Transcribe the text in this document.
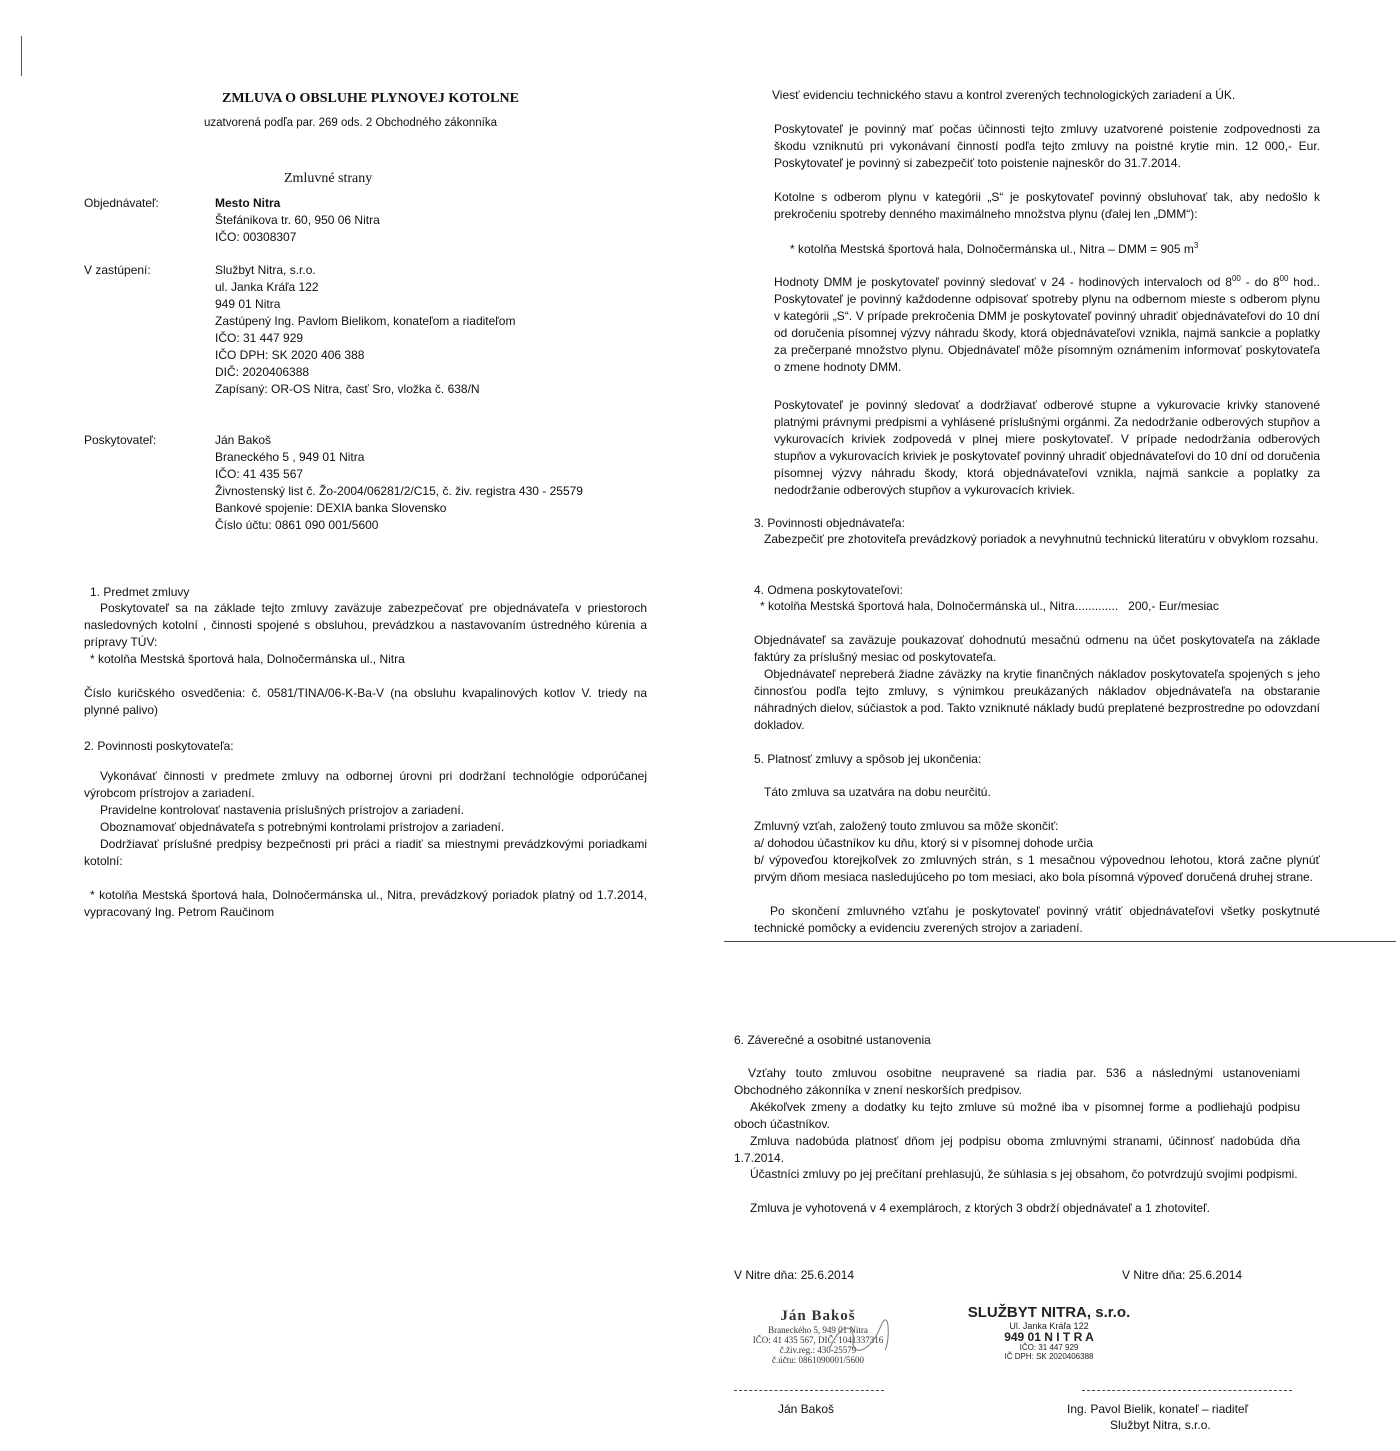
ZMLUVA O OBSLUHE PLYNOVEJ KOTOLNE
uzatvorená podľa par. 269 ods. 2 Obchodného zákonníka
Zmluvné strany
Objednávateľ:	Mesto Nitra
Štefánikova tr. 60, 950 06 Nitra
IČO: 00308307
V zastúpení:	Službyt Nitra, s.r.o.
ul. Janka Kráľa 122
949 01 Nitra
Zastúpený Ing. Pavlom Bielikom, konateľom a riaditeľom
IČO: 31 447 929
IČO DPH: SK 2020 406 388
DIČ: 2020406388
Zapísaný: OR-OS Nitra, časť Sro, vložka č. 638/N
Poskytovateľ:	Ján Bakoš
Braneckého 5 , 949 01 Nitra
IČO: 41 435 567
Živnostenský list č. Žo-2004/06281/2/C15, č. živ. registra 430 - 25579
Bankové spojenie: DEXIA banka Slovensko
Číslo účtu: 0861 090 001/5600
1. Predmet zmluvy

Poskytovateľ sa na základe tejto zmluvy zaväzuje zabezpečovať pre objednávateľa v priestoroch nasledovných kotolní , činnosti spojené s obsluhou, prevádzkou a nastavovaním ústredného kúrenia a prípravy TÚV:

* kotolňa Mestská športová hala, Dolnočermánska ul., Nitra

Číslo kuričského osvedčenia: č. 0581/TINA/06-K-Ba-V (na obsluhu kvapalinových kotlov V. triedy na plynné palivo)

2. Povinnosti poskytovateľa:

Vykonávať činnosti v predmete zmluvy na odbornej úrovni pri dodržaní technológie odporúčanej výrobcom prístrojov a zariadení.

Pravidelne kontrolovať nastavenia príslušných prístrojov a zariadení.

Oboznamovať objednávateľa s potrebnými kontrolami prístrojov a zariadení.

Dodržiavať príslušné predpisy bezpečnosti pri práci a riadiť sa miestnymi prevádzkovými poriadkami kotolní:

* kotolňa Mestská športová hala, Dolnočermánska ul., Nitra, prevádzkový poriadok platný od 1.7.2014, vypracovaný Ing. Petrom Raučinom

Viesť evidenciu technického stavu a kontrol zverených technologických zariadení a ÚK.

Poskytovateľ je povinný mať počas účinnosti tejto zmluvy uzatvorené poistenie zodpovednosti za škodu vzniknutú pri vykonávaní činností podľa tejto zmluvy na poistné krytie min. 12 000,- Eur. Poskytovateľ je povinný si zabezpečiť toto poistenie najneskôr do 31.7.2014.

Kotolne s odberom plynu v kategórii „S“ je poskytovateľ povinný obsluhovať tak, aby nedošlo k prekročeniu spotreby denného maximálneho množstva plynu (ďalej len „DMM“):

* kotolňa Mestská športová hala, Dolnočermánska ul., Nitra – DMM = 905 $m^3$

Hodnoty DMM je poskytovateľ povinný sledovať v 24 - hodinových intervaloch od $8^{00}$ - do $8^{00}$ hod.. Poskytovateľ je povinný každodenne odpisovať spotreby plynu na odbernom mieste s odberom plynu v kategórii „S“. V prípade prekročenia DMM je poskytovateľ povinný uhradiť objednávateľovi do 10 dní od doručenia písomnej výzvy náhradu škody, ktorá objednávateľovi vznikla, najmä sankcie a poplatky za prečerpané množstvo plynu. Objednávateľ môže písomným oznámením informovať poskytovateľa o zmene hodnoty DMM.

Poskytovateľ je povinný sledovať a dodržiavať odberové stupne a vykurovacie krivky stanovené platnými právnymi predpismi a vyhlásené príslušnými orgánmi. Za nedodržanie odberových stupňov a vykurovacích kriviek zodpovedá v plnej miere poskytovateľ. V prípade nedodržania odberových stupňov a vykurovacích kriviek je poskytovateľ povinný uhradiť objednávateľovi do 10 dní od doručenia písomnej výzvy náhradu škody, ktorá objednávateľovi vznikla, najmä sankcie a poplatky za nedodržanie odberových stupňov a vykurovacích kriviek.

3. Povinnosti objednávateľa:

Zabezpečiť pre zhotoviteľa prevádzkový poriadok a nevyhnutnú technickú literatúru v obvyklom rozsahu.

4. Odmena poskytovateľovi:
* kotolňa Mestská športová hala, Dolnočermánska ul., Nitra.............   200,- Eur/mesiac

Objednávateľ sa zaväzuje poukazovať dohodnutú mesačnú odmenu na účet poskytovateľa na základe faktúry za príslušný mesiac od poskytovateľa.

Objednávateľ nepreberá žiadne záväzky na krytie finančných nákladov poskytovateľa spojených s jeho činnosťou podľa tejto zmluvy, s výnimkou preukázaných nákladov objednávateľa na obstaranie náhradných dielov, súčiastok a pod. Takto vzniknuté náklady budú preplatené bezprostredne po odovzdaní dokladov.

5. Platnosť zmluvy a spôsob jej ukončenia:

Táto zmluva sa uzatvára na dobu neurčitú.

Zmluvný vzťah, založený touto zmluvou sa môže skončiť:

a/ dohodou účastníkov ku dňu, ktorý si v písomnej dohode určia

b/ výpoveďou ktorejkoľvek zo zmluvných strán, s 1 mesačnou výpovednou lehotou, ktorá začne plynúť prvým dňom mesiaca nasledujúceho po tom mesiaci, ako bola písomná výpoveď doručená druhej strane.

Po skončení zmluvného vzťahu je poskytovateľ povinný vrátiť objednávateľovi všetky poskytnuté technické pomôcky a evidenciu zverených strojov a zariadení.

6. Záverečné a osobitné ustanovenia

Vzťahy touto zmluvou osobitne neupravené sa riadia par. 536 a následnými ustanoveniami Obchodného zákonníka v znení neskorších predpisov.

Akékoľvek zmeny a dodatky ku tejto zmluve sú možné iba v písomnej forme a podliehajú podpisu oboch účastníkov.

Zmluva nadobúda platnosť dňom jej podpisu oboma zmluvnými stranami, účinnosť nadobúda dňa 1.7.2014.

Účastníci zmluvy po jej prečítaní prehlasujú, že súhlasia s jej obsahom, čo potvrdzujú svojimi podpismi.

Zmluva je vyhotovená v 4 exemplároch, z ktorých 3 obdrží objednávateľ a 1 zhotoviteľ.

V Nitre dňa: 25.6.2014	V Nitre dňa: 25.6.2014
Ján Bakoš
Braneckého 5, 949 01 Nitra
IČO: 41 435 567, DIČ: 1041337316
č.živ.reg.: 430-25579
č.účtu: 0861090001/5600
SLUŽBYT NITRA, s.r.o.
Ul. Janka Kráľa 122
949 01 N I T R A
IČO: 31 447 929
IČ DPH: SK 2020406388
Ján Bakoš	Ing. Pavol Bielik, konateľ – riaditeľ
Službyt Nitra, s.r.o.
